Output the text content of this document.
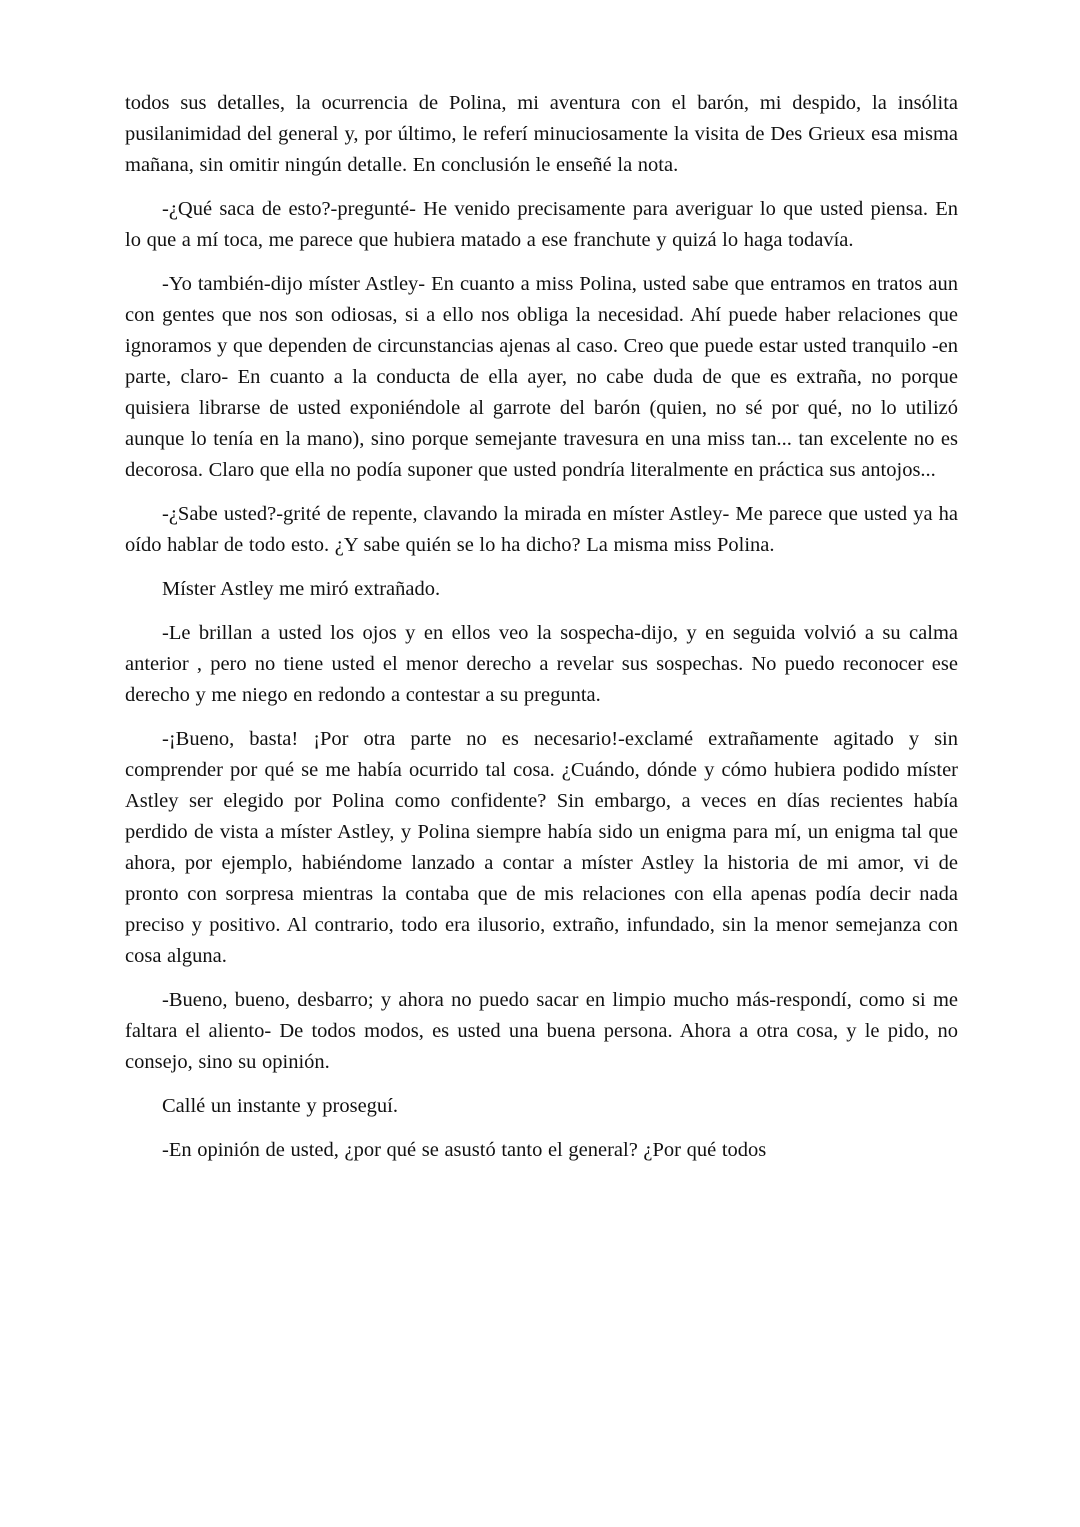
todos sus detalles, la ocurrencia de Polina, mi aventura con el barón, mi despido, la insólita pusilanimidad del general y, por último, le referí minuciosamente la visita de Des Grieux esa misma mañana, sin omitir ningún detalle. En conclusión le enseñé la nota.

-¿Qué saca de esto?-pregunté- He venido precisamente para averiguar lo que usted piensa. En lo que a mí toca, me parece que hubiera matado a ese franchute y quizá lo haga todavía.

-Yo también-dijo míster Astley- En cuanto a miss Polina, usted sabe que entramos en tratos aun con gentes que nos son odiosas, si a ello nos obliga la necesidad. Ahí puede haber relaciones que ignoramos y que dependen de circunstancias ajenas al caso. Creo que puede estar usted tranquilo -en parte, claro- En cuanto a la conducta de ella ayer, no cabe duda de que es extraña, no porque quisiera librarse de usted exponiéndole al garrote del barón (quien, no sé por qué, no lo utilizó aunque lo tenía en la mano), sino porque semejante travesura en una miss tan... tan excelente no es decorosa. Claro que ella no podía suponer que usted pondría literalmente en práctica sus antojos...

-¿Sabe usted?-grité de repente, clavando la mirada en míster Astley- Me parece que usted ya ha oído hablar de todo esto. ¿Y sabe quién se lo ha dicho? La misma miss Polina.

Míster Astley me miró extrañado.

-Le brillan a usted los ojos y en ellos veo la sospecha-dijo, y en seguida volvió a su calma anterior , pero no tiene usted el menor derecho a revelar sus sospechas. No puedo reconocer ese derecho y me niego en redondo a contestar a su pregunta.

-¡Bueno, basta! ¡Por otra parte no es necesario!-exclamé extrañamente agitado y sin comprender por qué se me había ocurrido tal cosa. ¿Cuándo, dónde y cómo hubiera podido míster Astley ser elegido por Polina como confidente? Sin embargo, a veces en días recientes había perdido de vista a míster Astley, y Polina siempre había sido un enigma para mí, un enigma tal que ahora, por ejemplo, habiéndome lanzado a contar a míster Astley la historia de mi amor, vi de pronto con sorpresa mientras la contaba que de mis relaciones con ella apenas podía decir nada preciso y positivo. Al contrario, todo era ilusorio, extraño, infundado, sin la menor semejanza con cosa alguna.

-Bueno, bueno, desbarro; y ahora no puedo sacar en limpio mucho más-respondí, como si me faltara el aliento- De todos modos, es usted una buena persona. Ahora a otra cosa, y le pido, no consejo, sino su opinión.

Callé un instante y proseguí.

-En opinión de usted, ¿por qué se asustó tanto el general? ¿Por qué todos
